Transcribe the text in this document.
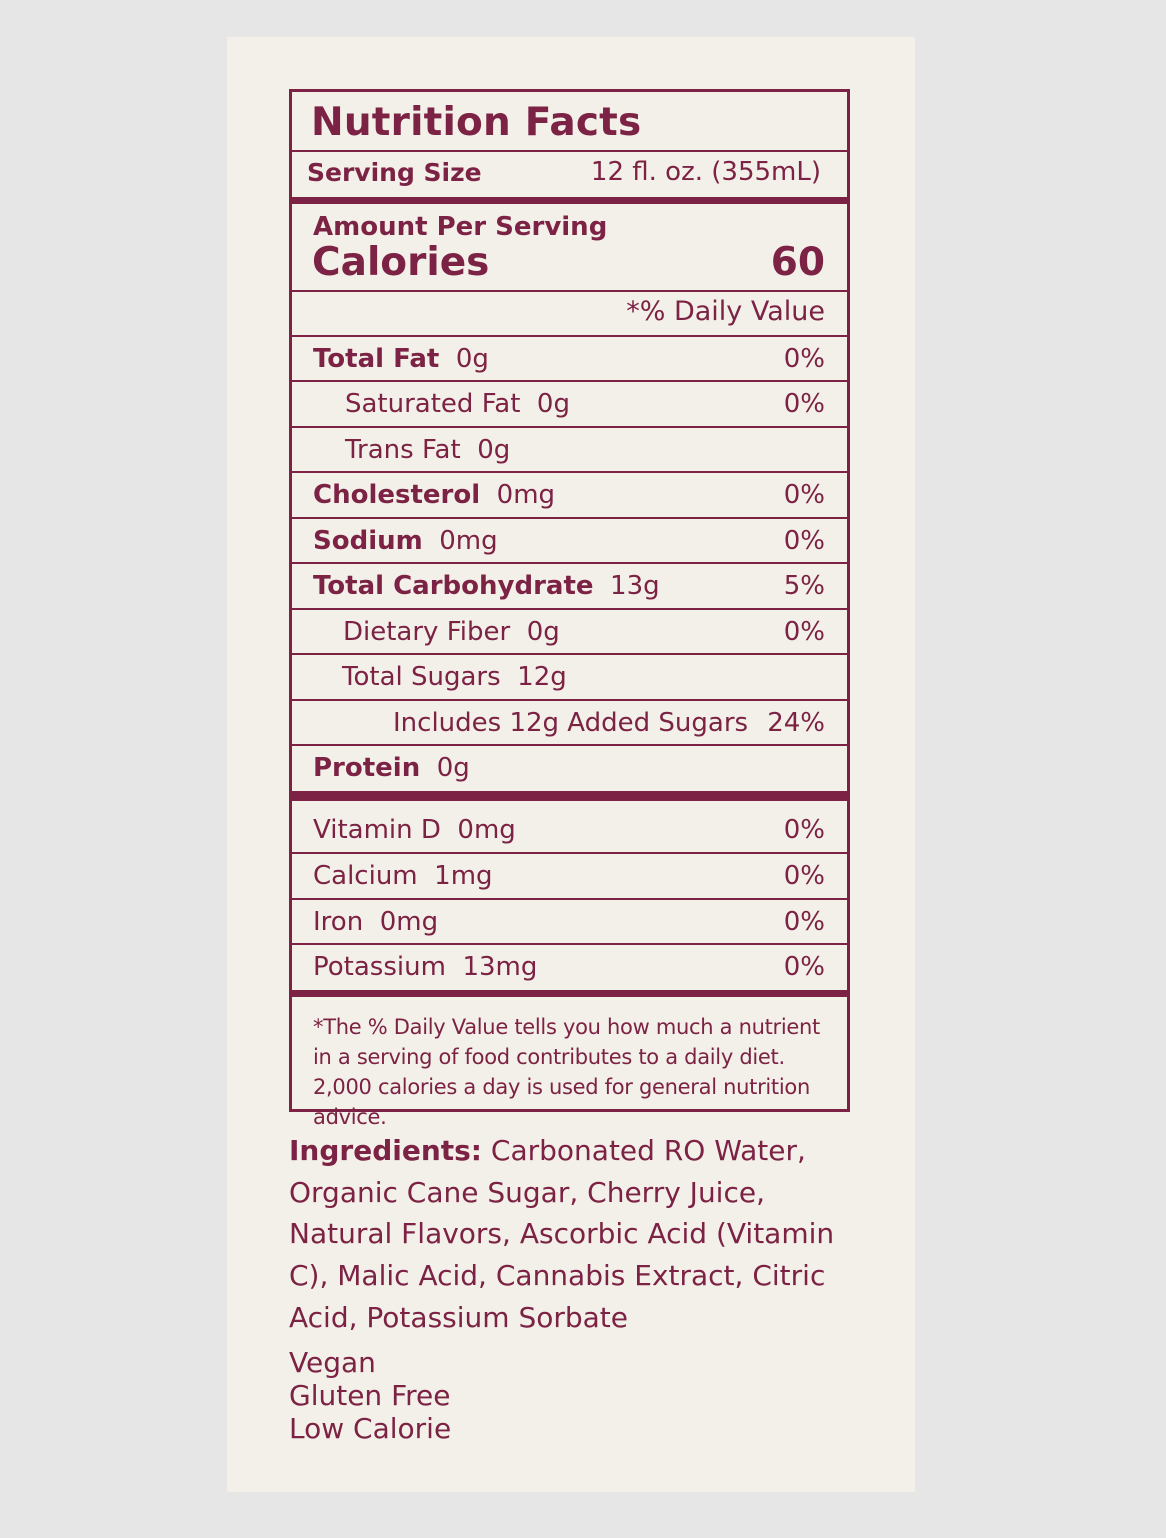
Nutrition Facts
Serving Size	12 fl. oz. (355mL)
Amount Per Serving
Calories	60
*% Daily Value
Total Fat 0g	0%
Saturated Fat 0g	0%
Trans Fat 0g
Cholesterol 0mg	0%
Sodium 0mg	0%
Total Carbohydrate 13g	5%
Dietary Fiber 0g	0%
Total Sugars 12g
Includes 12g Added Sugars 24%
Protein 0g
Vitamin D 0mg	0%
Calcium 1mg	0%
Iron 0mg	0%
Potassium 13mg	0%
*The % Daily Value tells you how much a nutrient in a serving of food contributes to a daily diet. 2,000 calories a day is used for general nutrition advice.
Ingredients: Carbonated RO Water, Organic Cane Sugar, Cherry Juice, Natural Flavors, Ascorbic Acid (Vitamin C), Malic Acid, Cannabis Extract, Citric Acid, Potassium Sorbate
Vegan
Gluten Free
Low Calorie
